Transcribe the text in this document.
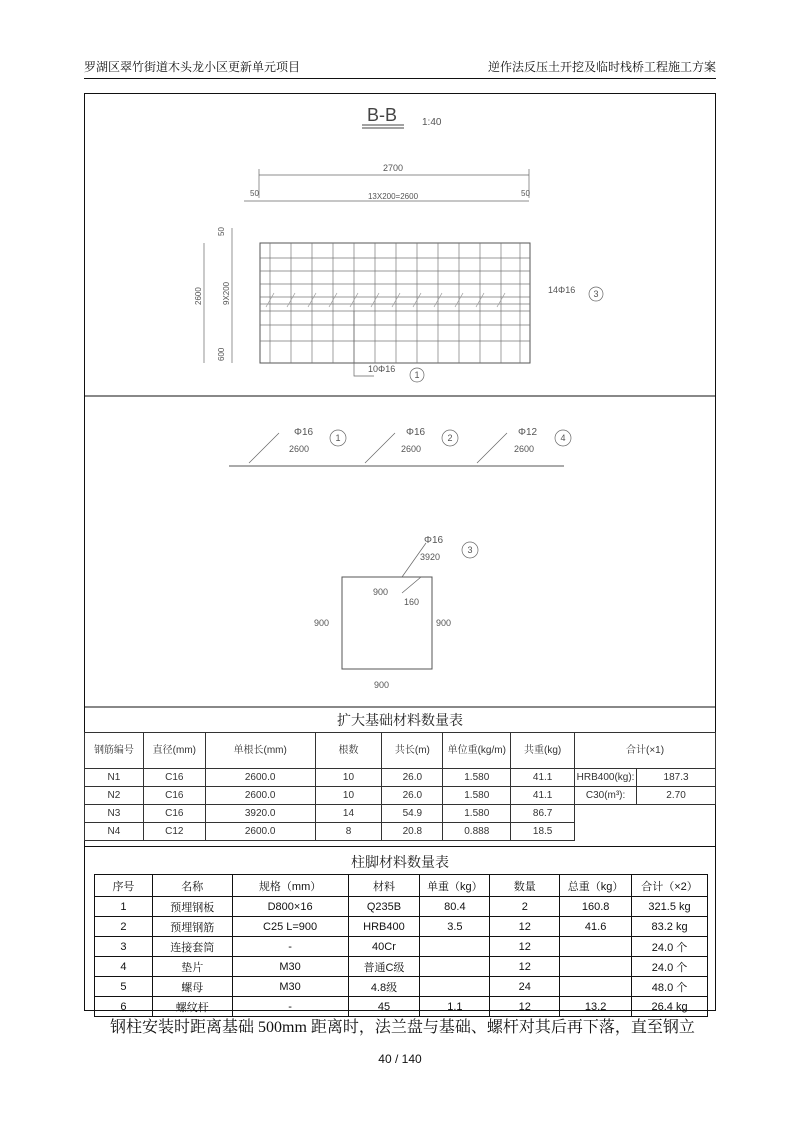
罗湖区翠竹街道木头龙小区更新单元项目	逆作法反压土开挖及临时栈桥工程施工方案
B-B 1:40
2700
13X200=2600
50	50
50
2600 9X200
600
14Φ16 3
10Φ16
1
Φ16
2600
1	Φ16
2600
2	Φ12
2600
4
Φ16
3920
3
900
160
900	900
900
扩大基础材料数量表
钢筋编号	直径(mm)	单根长(mm)	根数	共长(m)	单位重(kg/m)	共重(kg)	合计(×1)	
N1	C16	2600.0	10	26.0	1.580	41.1	HRB400(kg):	187.3
N2	C16	2600.0	10	26.0	1.580	41.1	C30(m³):	2.70
N3	C16	3920.0	14	54.9	1.580	86.7		
N4	C12	2600.0	8	20.8	0.888	18.5		
柱脚材料数量表
序号	名称	规格（mm）	材料	单重（kg）	数量	总重（kg）	合计（×2）
1	预埋钢板	D800×16	Q235B	80.4	2	160.8	321.5 kg
2	预埋钢筋	C25 L=900	HRB400	3.5	12	41.6	83.2 kg
3	连接套筒	-	40Cr		12		24.0 个
4	垫片	M30	普通C级		12		24.0 个
5	螺母	M30	4.8级		24		48.0 个
6	螺纹杆	-	45	1.1	12	13.2	26.4 kg
钢柱安装时距离基础 500mm 距离时，法兰盘与基础、螺杆对其后再下落，直至钢立
40 / 140
